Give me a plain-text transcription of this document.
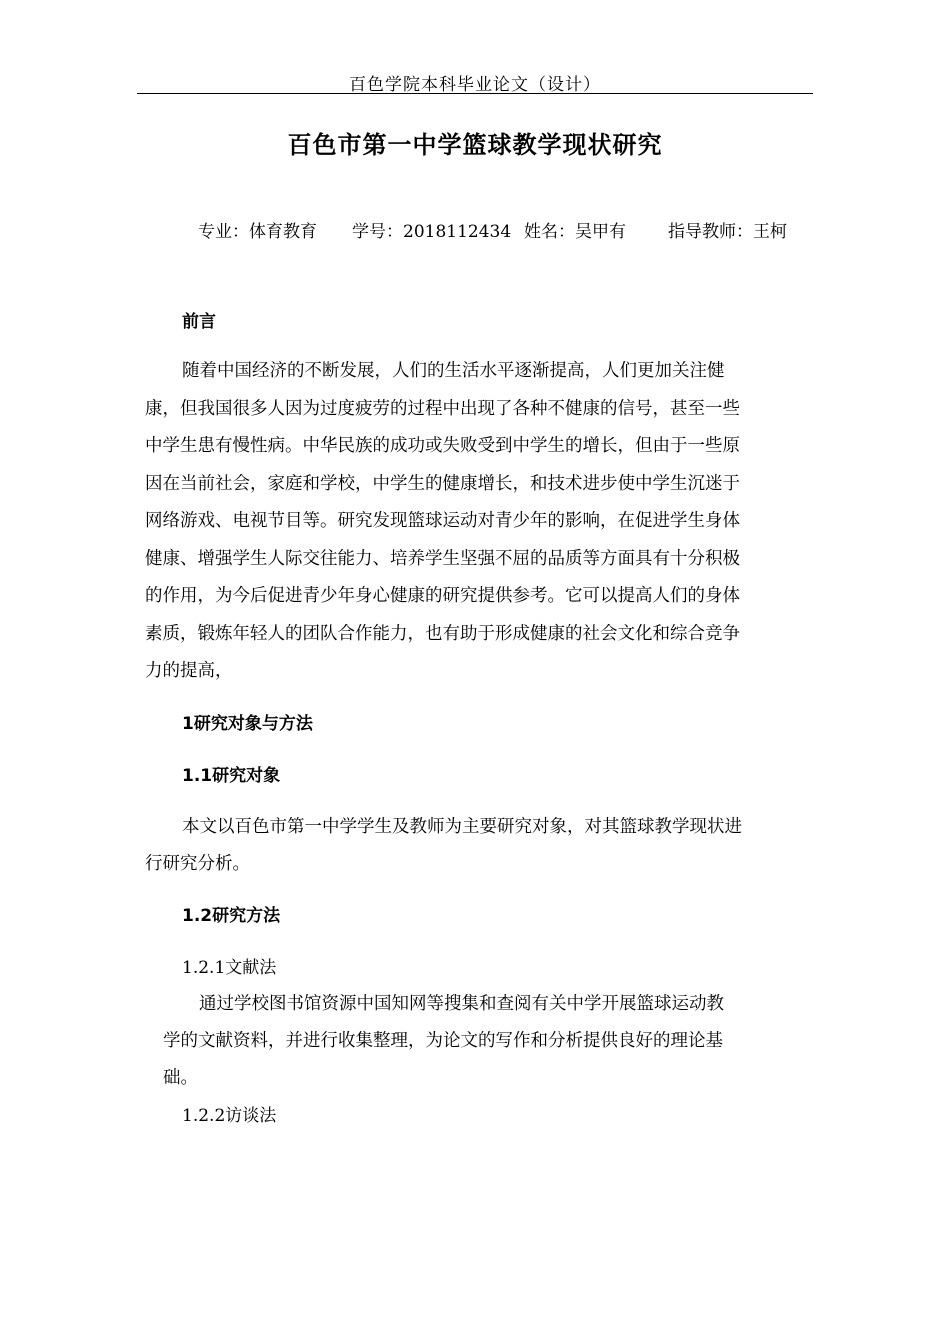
百色学院本科毕业论文（设计）
百色市第一中学篮球教学现状研究
专业：体育教育 学号：2018112434 姓名：吴甲有 指导教师：王柯
前言
随着中国经济的不断发展，人们的生活水平逐渐提高，人们更加关注健
康，但我国很多人因为过度疲劳的过程中出现了各种不健康的信号，甚至一些
中学生患有慢性病。中华民族的成功或失败受到中学生的增长，但由于一些原
因在当前社会，家庭和学校，中学生的健康增长，和技术进步使中学生沉迷于
网络游戏、电视节目等。研究发现篮球运动对青少年的影响，在促进学生身体
健康、增强学生人际交往能力、培养学生坚强不屈的品质等方面具有十分积极
的作用，为今后促进青少年身心健康的研究提供参考。它可以提高人们的身体
素质，锻炼年轻人的团队合作能力，也有助于形成健康的社会文化和综合竞争
力的提高，
1研究对象与方法
1.1研究对象
本文以百色市第一中学学生及教师为主要研究对象，对其篮球教学现状进
行研究分析。
1.2研究方法
1.2.1文献法
通过学校图书馆资源中国知网等搜集和查阅有关中学开展篮球运动教
学的文献资料，并进行收集整理，为论文的写作和分析提供良好的理论基
础。
1.2.2访谈法
